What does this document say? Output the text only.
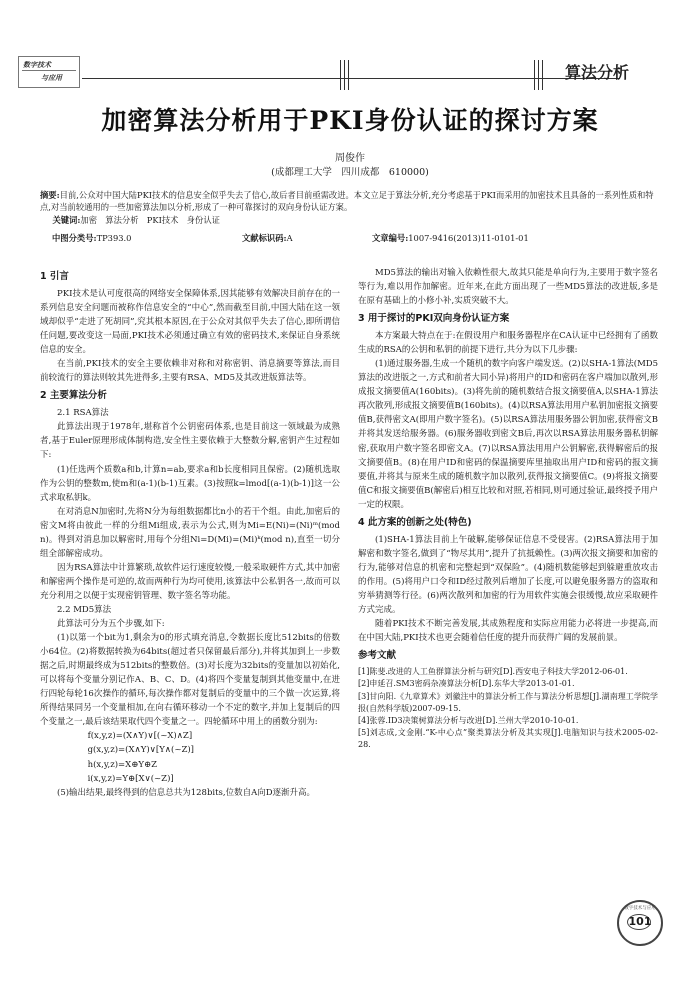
数字技术
与应用	算法分析
加密算法分析用于PKI身份认证的探讨方案
周俊作
(成都理工大学　四川成都　610000)
摘要:目前,公众对中国大陆PKI技术的信息安全似乎失去了信心,故后者目前亟需改进。本文立足于算法分析,充分考虑基于PKI而采用的加密技术且具备的一系列性质和特点,对当前较通用的一些加密算法加以分析,形成了一种可靠探讨的双向身份认证方案。
关键词:加密　算法分析　PKI技术　身份认证
中图分类号:TP393.0	文献标识码:A	文章编号:1007-9416(2013)11-0101-01
1 引言

PKI技术是认可度很高的网络安全保障体系,因其能够有效解决目前存在的一系列信息安全问题而被称作信息安全的“中心”,然而截至目前,中国大陆在这一领域却似乎“走进了死胡同”,究其根本原因,在于公众对其似乎失去了信心,即所谓信任问题,要改变这一局面,PKI技术必须通过确立有效的密码技术,来保证自身系统信息的安全。

在当前,PKI技术的安全主要依赖非对称和对称密钥、消息摘要等算法,而目前较流行的算法则较其先进得多,主要有RSA、MD5及其改进版算法等。

2 主要算法分析
2.1 RSA算法

此算法出现于1978年,堪称首个公钥密码体系,也是目前这一领域最为成熟者,基于Euler原理形成体制构造,安全性主要依赖于大整数分解,密钥产生过程如下:

(1)任选两个质数a和b,计算n=ab,要求a和b长度相同且保密。(2)随机选取作为公钥的整数m,使m和(a-1)(b-1)互素。(3)按照k=lmod[(a-1)(b-1)]这一公式求取私钥k。

在对消息N加密时,先将N分为每组数据都比n小的若干个组。由此,加密后的密文M将由彼此一样的分组Mi组成,表示为公式,则为Mi=E(Ni)=(Ni)ᵐ(mod n)。得到对消息加以解密时,用每个分组Ni=D(Mi)=(Mi)ᵏ(mod n),直至一切分组全部解密成功。

因为RSA算法中计算繁琐,故软件运行速度较慢,一般采取硬件方式,其中加密和解密两个操作是可逆的,故而两种行为均可使用,该算法中公私钥各一,故而可以充分利用之以便于实现密钥管理、数字签名等功能。

2.2 MD5算法

此算法可分为五个步骤,如下:

(1)以第一个bit为1,剩余为0的形式填充消息,令数据长度比512bits的倍数小64位。(2)将数据转换为64bits(超过者只保留最后部分),并将其加到上一步数据之后,时期最终成为512bits的整数倍。(3)对长度为32bits的变量加以初始化,可以将每个变量分别记作A、B、C、D。(4)将四个变量复制到其他变量中,在进行四轮每轮16次操作的循环,每次操作都对复制后的变量中的三个做一次运算,将所得结果同另一个变量相加,在向右循环移动一个不定的数字,并加上复制后的四个变量之一,最后该结果取代四个变量之一。四轮循环中用上的函数分别为:

f(x,y,z)=(X∧Y)∨[(~X)∧Z]

g(x,y,z)=(X∧Y)∨[Y∧(~Z)]

h(x,y,z)=X⊕Y⊕Z

i(x,y,z)=Y⊕[X∨(~Z)]

(5)输出结果,最终得到的信息总共为128bits,位数自A向D逐渐升高。

MD5算法的输出对输入依赖性很大,故其只能是单向行为,主要用于数字签名等行为,难以用作加解密。近年来,在此方面出现了一些MD5算法的改进版,多是在原有基础上的小修小补,实质突破不大。

3 用于探讨的PKI双向身份认证方案

本方案最大特点在于:在假设用户和服务器程序在CA认证中已经拥有了函数生成的RSA的公钥和私钥的前提下进行,共分为以下几步骤:

(1)通过服务器,生成一个随机的数字向客户端发送。(2)以SHA-1算法(MD5算法的改进版之一,方式和前者大同小异)将用户的ID和密码在客户端加以散列,形成报文摘要值A(160bits)。(3)将先前的随机数结合报文摘要值A,以SHA-1算法再次散列,形成报文摘要值B(160bits)。(4)以RSA算法用用户私钥加密报文摘要值B,获得密文A(即用户数字签名)。(5)以RSA算法用服务器公钥加密,获得密文B并将其发送给服务器。(6)服务器收到密文B后,再次以RSA算法用服务器私钥解密,获取用户数字签名即密文A。(7)以RSA算法用用户公钥解密,获得解密后的报文摘要值B。(8)在用户ID和密码的保温摘要库里抽取出用户ID和密码的报文摘要值,并将其与原来生成的随机数字加以散列,获得报文摘要值C。(9)将报文摘要值C和报文摘要值B(解密后)相互比较和对照,若相同,则可通过验证,最终授予用户一定的权限。

4 此方案的创新之处(特色)

(1)SHA-1算法目前上午破解,能够保证信息不受侵害。(2)RSA算法用于加解密和数字签名,做到了“物尽其用”,提升了抗抵赖性。(3)两次报文摘要和加密的行为,能够对信息的机密和完整起到“双保险”。(4)随机数能够起到躲避重放攻击的作用。(5)将用户口令和ID经过散列后增加了长度,可以避免服务器方的盗取和穷举猜测等行径。(6)两次散列和加密的行为用软件实施会很缓慢,故应采取硬件方式完成。

随着PKI技术不断完善发展,其成熟程度和实际应用能力必将进一步提高,而在中国大陆,PKI技术也更会随着信任度的提升而获得广阔的发展前景。

参考文献
[1]陈斐.改进的人工鱼群算法分析与研究[D].西安电子科技大学2012-06-01.
[2]申延召.SM3密码杂凑算法分析[D].东华大学2013-01-01.
[3]甘向阳.《九章算术》刘徽注中的算法分析工作与算法分析思想[J].湖南理工学院学报(自然科学版)2007-09-15.
[4]张蓉.ID3决策树算法分析与改进[D].兰州大学2010-10-01.
[5]刘志成,文金刚.“K-中心点”聚类算法分析及其实现[J].电脑知识与技术2005-02-28.
数字技术与应用
101
